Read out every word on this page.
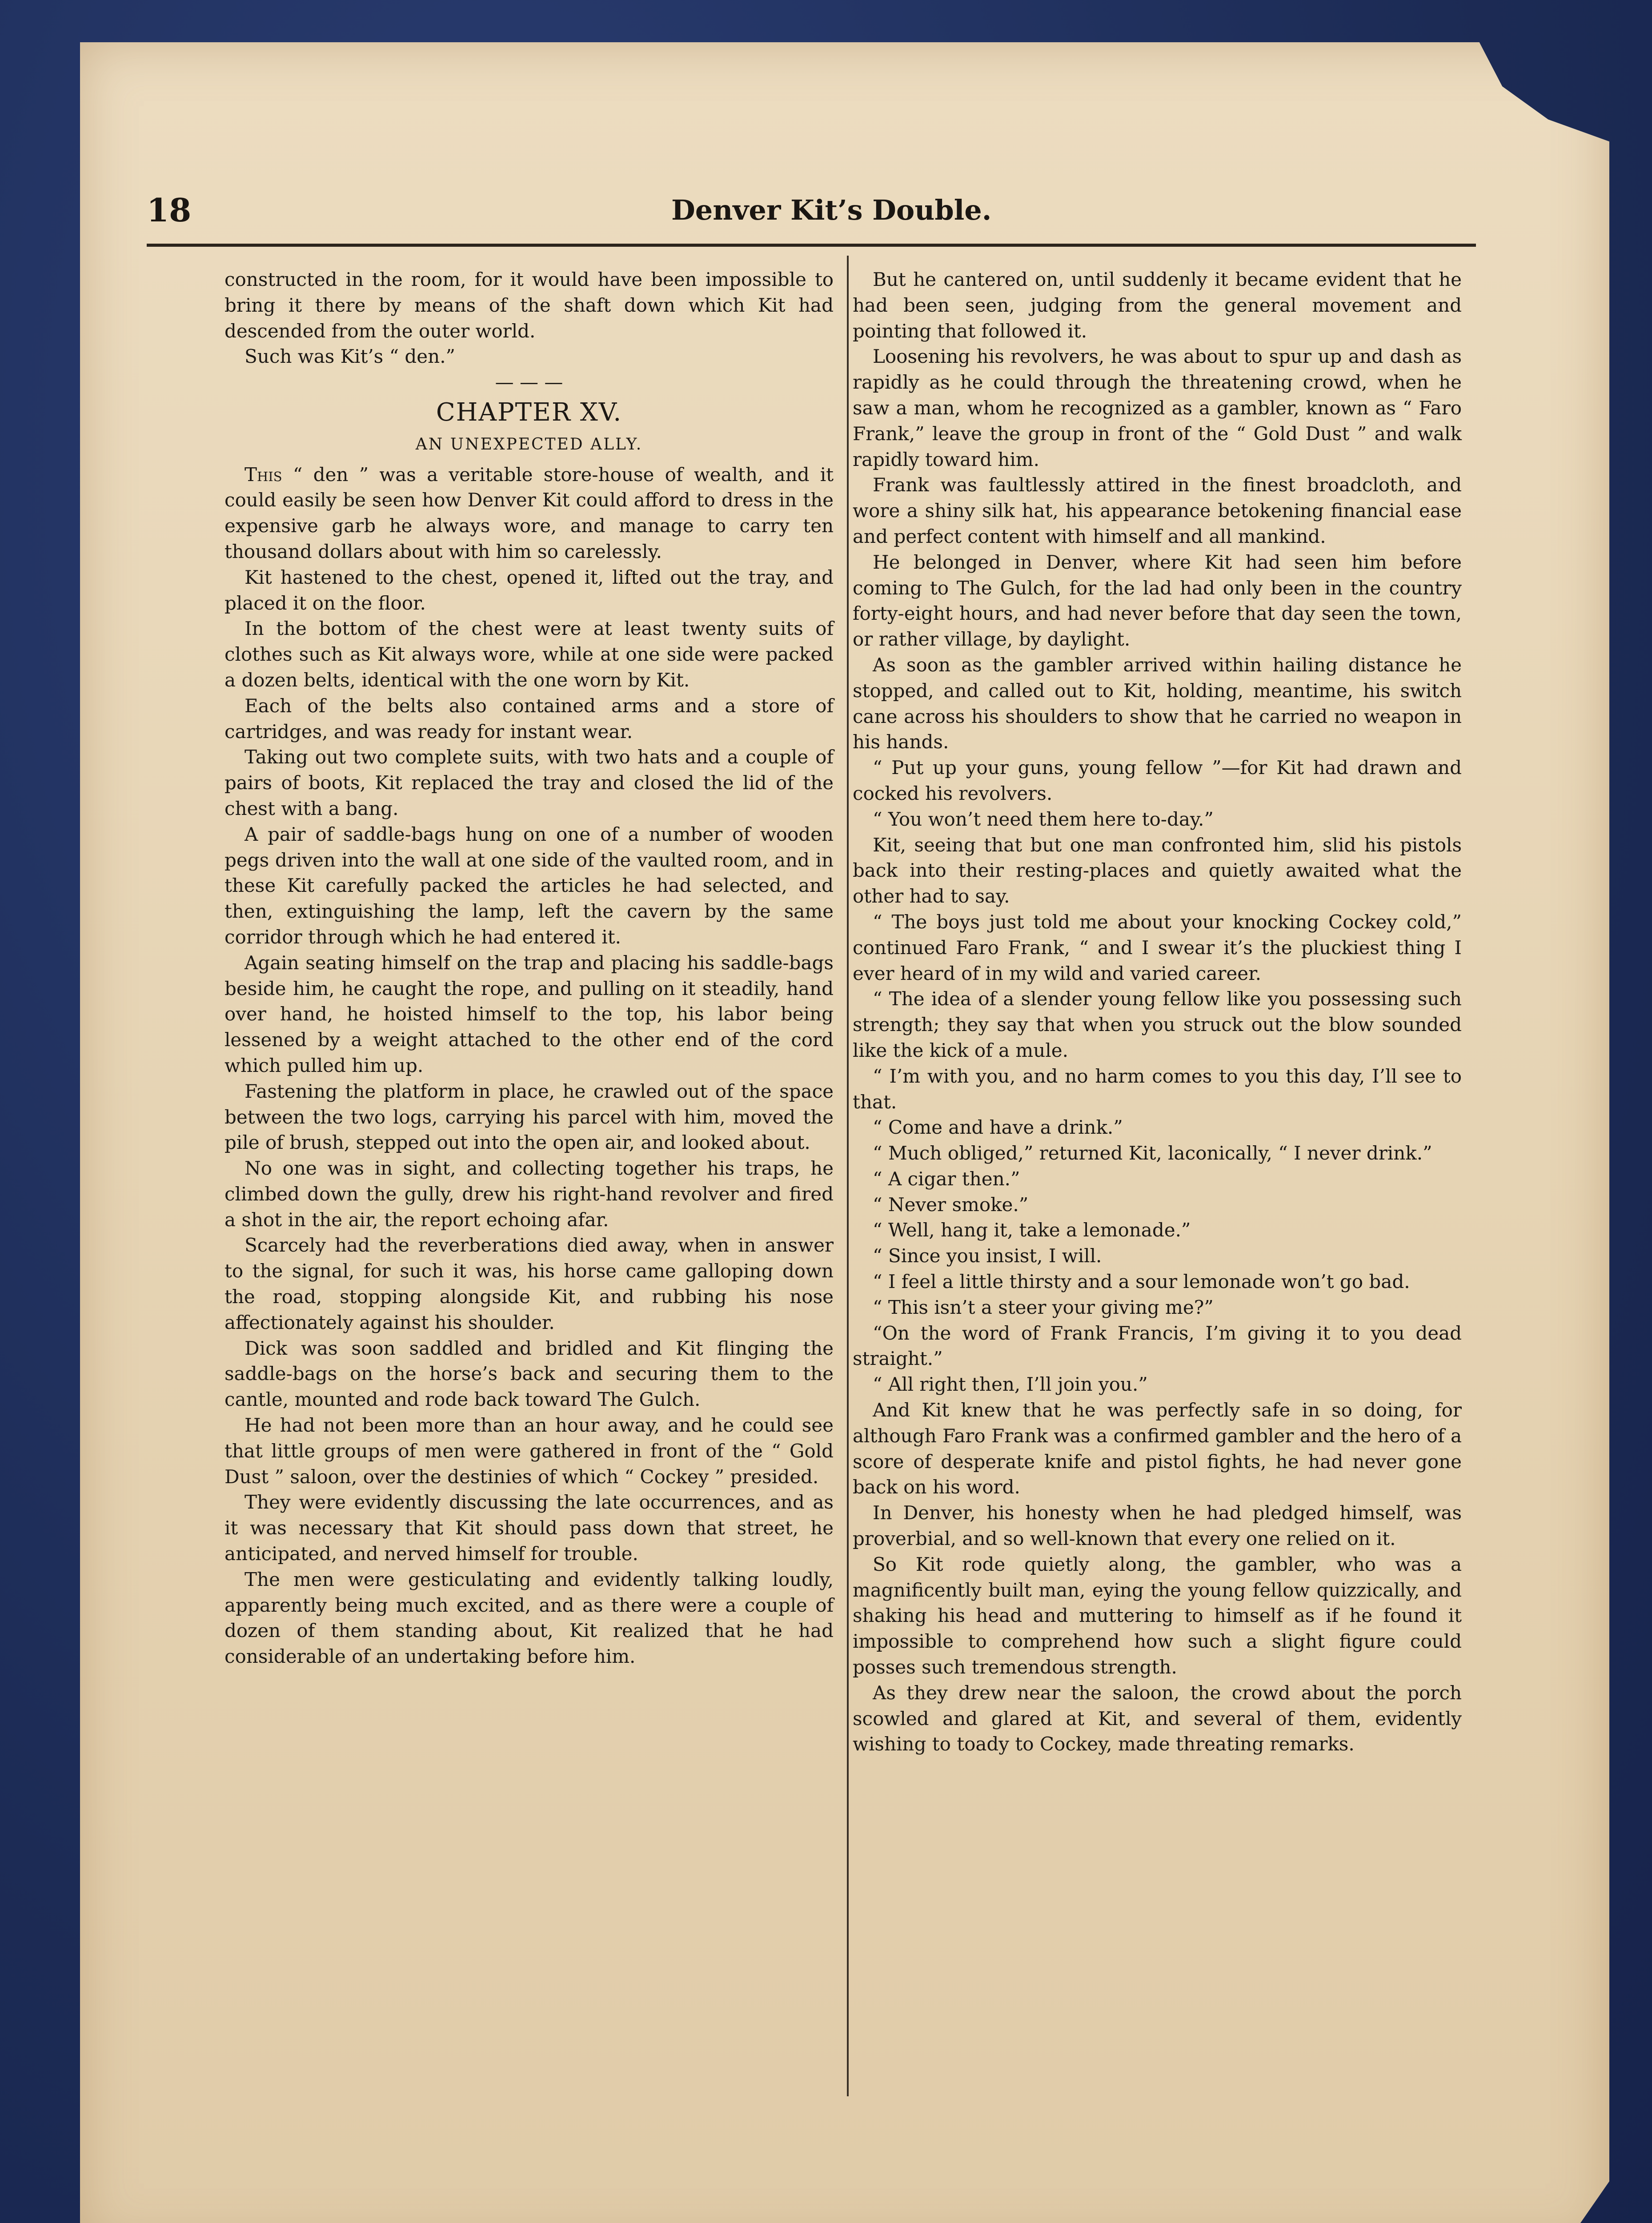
18	Denver Kit’s Double.

constructed in the room, for it would have been impossible to bring it there by means of the shaft down which Kit had descended from the outer world.

Such was Kit’s “ den.”

— — —

CHAPTER XV.

AN UNEXPECTED ALLY.

This “ den ” was a veritable store-house of wealth, and it could easily be seen how Denver Kit could afford to dress in the expensive garb he always wore, and manage to carry ten thousand dollars about with him so carelessly.

Kit hastened to the chest, opened it, lifted out the tray, and placed it on the floor.

In the bottom of the chest were at least twenty suits of clothes such as Kit always wore, while at one side were packed a dozen belts, identical with the one worn by Kit.

Each of the belts also contained arms and a store of cartridges, and was ready for instant wear.

Taking out two complete suits, with two hats and a couple of pairs of boots, Kit replaced the tray and closed the lid of the chest with a bang.

A pair of saddle-bags hung on one of a number of wooden pegs driven into the wall at one side of the vaulted room, and in these Kit carefully packed the articles he had selected, and then, extinguishing the lamp, left the cavern by the same corridor through which he had entered it.

Again seating himself on the trap and placing his saddle-bags beside him, he caught the rope, and pulling on it steadily, hand over hand, he hoisted himself to the top, his labor being lessened by a weight attached to the other end of the cord which pulled him up.

Fastening the platform in place, he crawled out of the space between the two logs, carrying his parcel with him, moved the pile of brush, stepped out into the open air, and looked about.

No one was in sight, and collecting together his traps, he climbed down the gully, drew his right-hand revolver and fired a shot in the air, the report echoing afar.

Scarcely had the reverberations died away, when in answer to the signal, for such it was, his horse came galloping down the road, stopping alongside Kit, and rubbing his nose affectionately against his shoulder.

Dick was soon saddled and bridled and Kit flinging the saddle-bags on the horse’s back and securing them to the cantle, mounted and rode back toward The Gulch.

He had not been more than an hour away, and he could see that little groups of men were gathered in front of the “ Gold Dust ” saloon, over the destinies of which “ Cockey ” presided.

They were evidently discussing the late occurrences, and as it was necessary that Kit should pass down that street, he anticipated, and nerved himself for trouble.

The men were gesticulating and evidently talking loudly, apparently being much excited, and as there were a couple of dozen of them standing about, Kit realized that he had considerable of an undertaking before him.

But he cantered on, until suddenly it became evident that he had been seen, judging from the general movement and pointing that followed it.

Loosening his revolvers, he was about to spur up and dash as rapidly as he could through the threatening crowd, when he saw a man, whom he recognized as a gambler, known as “ Faro Frank,” leave the group in front of the “ Gold Dust ” and walk rapidly toward him.

Frank was faultlessly attired in the finest broadcloth, and wore a shiny silk hat, his appearance betokening financial ease and perfect content with himself and all mankind.

He belonged in Denver, where Kit had seen him before coming to The Gulch, for the lad had only been in the country forty-eight hours, and had never before that day seen the town, or rather village, by daylight.

As soon as the gambler arrived within hailing distance he stopped, and called out to Kit, holding, meantime, his switch cane across his shoulders to show that he carried no weapon in his hands.

“ Put up your guns, young fellow ”—for Kit had drawn and cocked his revolvers.

“ You won’t need them here to-day.”

Kit, seeing that but one man confronted him, slid his pistols back into their resting-places and quietly awaited what the other had to say.

“ The boys just told me about your knocking Cockey cold,” continued Faro Frank, “ and I swear it’s the pluckiest thing I ever heard of in my wild and varied career.

“ The idea of a slender young fellow like you possessing such strength; they say that when you struck out the blow sounded like the kick of a mule.

“ I’m with you, and no harm comes to you this day, I’ll see to that.

“ Come and have a drink.”

“ Much obliged,” returned Kit, laconically, “ I never drink.”

“ A cigar then.”

“ Never smoke.”

“ Well, hang it, take a lemonade.”

“ Since you insist, I will.

“ I feel a little thirsty and a sour lemonade won’t go bad.

“ This isn’t a steer your giving me?”

“On the word of Frank Francis, I’m giving it to you dead straight.”

“ All right then, I’ll join you.”

And Kit knew that he was perfectly safe in so doing, for although Faro Frank was a confirmed gambler and the hero of a score of desperate knife and pistol fights, he had never gone back on his word.

In Denver, his honesty when he had pledged himself, was proverbial, and so well-known that every one relied on it.

So Kit rode quietly along, the gambler, who was a magnificently built man, eying the young fellow quizzically, and shaking his head and muttering to himself as if he found it impossible to comprehend how such a slight figure could posses such tremendous strength.

As they drew near the saloon, the crowd about the porch scowled and glared at Kit, and several of them, evidently wishing to toady to Cockey, made threating remarks.
